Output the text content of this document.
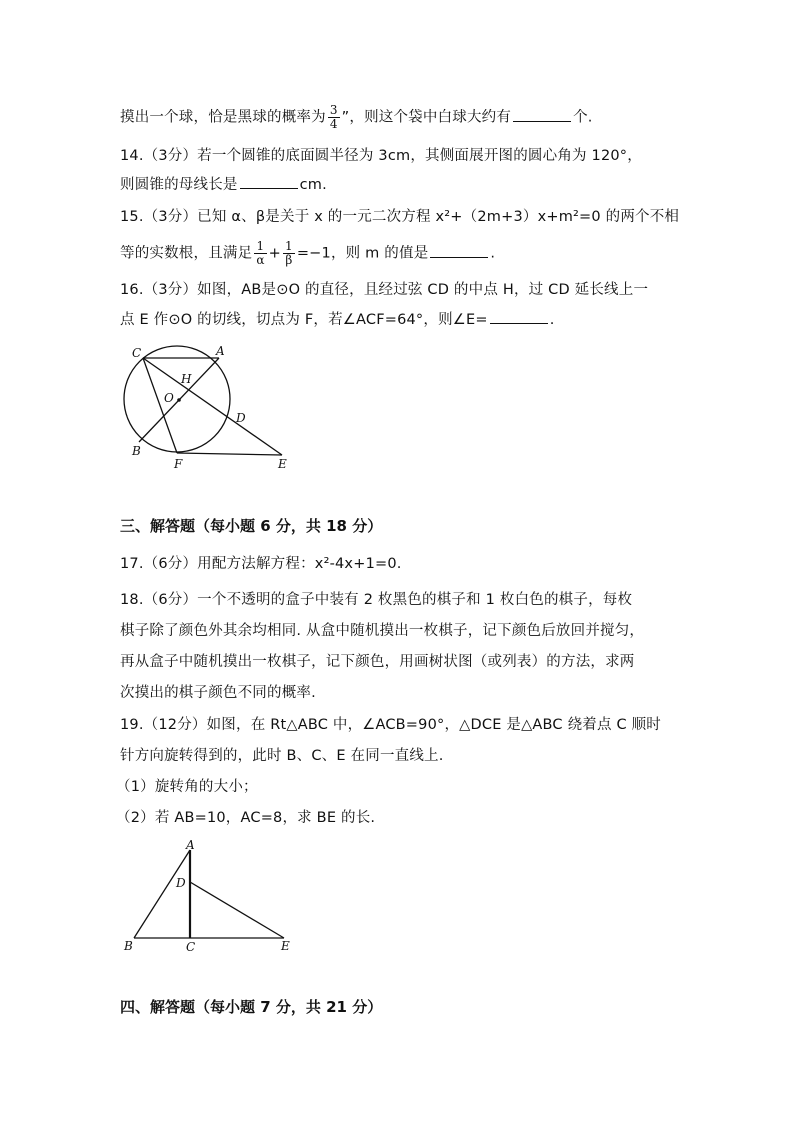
摸出一个球，恰是黑球的概率为 $\frac{3}{4}$ ”，则这个袋中白球大约有	个.
14.（3分）若一个圆锥的底面圆半径为 3cm，其侧面展开图的圆心角为 120°，
则圆锥的母线长是	cm.
15.（3分）已知 α、β是关于 x 的一元二次方程 x²+（2m+3）x+m²=0 的两个不相
等的实数根，且满足 $\frac{1}{\alpha} + \frac{1}{\beta} =-1$，则 m 的值是	.
16.（3分）如图，AB是⊙O 的直径，且经过弦 CD 的中点 H，过 CD 延长线上一
点 E 作⊙O 的切线，切点为 F，若∠ACF=64°，则∠E=	.
C	A
H
O
D
B
F	E
三、解答题（每小题 6 分，共 18 分）
17.（6分）用配方法解方程：x²-4x+1=0.
18.（6分）一个不透明的盒子中装有 2 枚黑色的棋子和 1 枚白色的棋子，每枚
棋子除了颜色外其余均相同. 从盒中随机摸出一枚棋子，记下颜色后放回并搅匀，
再从盒子中随机摸出一枚棋子，记下颜色，用画树状图（或列表）的方法，求两
次摸出的棋子颜色不同的概率.
19.（12分）如图，在 Rt△ABC 中，∠ACB=90°，△DCE 是△ABC 绕着点 C 顺时
针方向旋转得到的，此时 B、C、E 在同一直线上.
（1）旋转角的大小；
（2）若 AB=10，AC=8，求 BE 的长.
A
D
B	C	E
四、解答题（每小题 7 分，共 21 分）
